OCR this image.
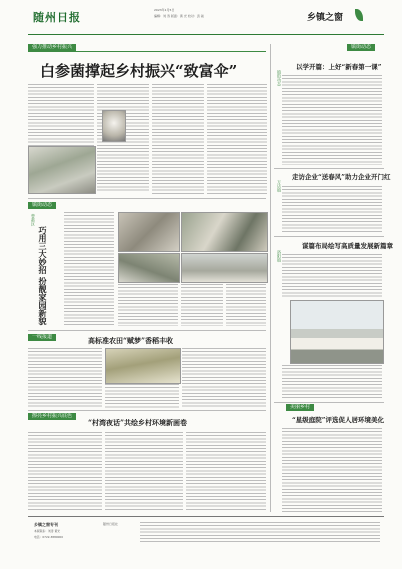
随州日报
2023年1月5日
编辑：刘 涛 版面：黄 光 校对：袁 淑	乡镇之窗
强力推动乡村振兴
白参菌撑起乡村振兴“致富伞”
镇街动态
镇街动态
以学开篇：上好“新春第一课”
万店镇
走访企业“送春风”助力企业开门红
洛阳镇
谋篇布局绘写高质量发展新篇章
镇街动态
曾都区
巧用三大妙招 扮靓家园新貌
一线报道	高标准农田“赋梦”香稻丰收
擦亮乡村振兴底色
“村湾夜话”共绘乡村环境新画卷
美丽乡村
“星级庭院”评选促人居环境美化
乡镇之窗专刊
本版联系：刘涛 黄光
电话：0722-3880000
随州日报社
